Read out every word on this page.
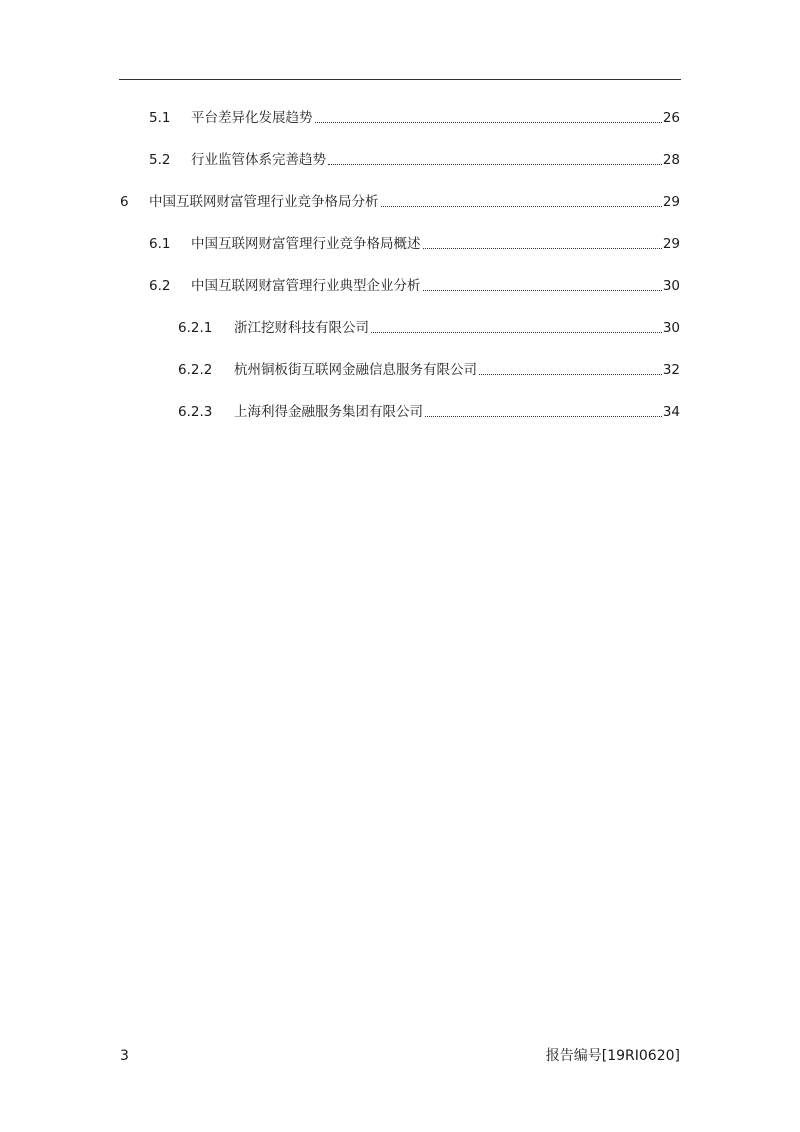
5.1	平台差异化发展趋势	26
5.2	行业监管体系完善趋势	28
6	中国互联网财富管理行业竞争格局分析	29
6.1	中国互联网财富管理行业竞争格局概述	29
6.2	中国互联网财富管理行业典型企业分析	30
6.2.1	浙江挖财科技有限公司	30
6.2.2	杭州铜板街互联网金融信息服务有限公司	32
6.2.3	上海利得金融服务集团有限公司	34
3	报告编号[19RI0620]
